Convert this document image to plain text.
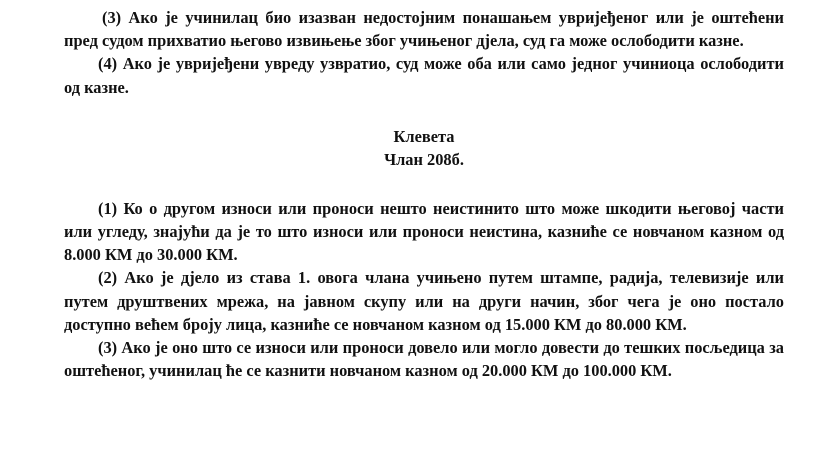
(3) Ако је учинилац био изазван недостојним понашањем увријеђеног или је оштећени пред судом прихватио његово извињење због учињеног дјела, суд га може ослободити казне.

(4) Ако је увријеђени увреду узвратио, суд може оба или само једног учиниоца ослободити од казне.

Клевета

Члан 208б.

(1) Ко о другом износи или проноси нешто неистинито што може шкодити његовој части или угледу, знајући да је то што износи или проноси неистина, казниће се новчаном казном од 8.000 КМ до 30.000 КМ.

(2) Ако је дјело из става 1. овога члана учињено путем штампе, радија, телевизије или путем друштвених мрежа, на јавном скупу или на други начин, због чега је оно постало доступно већем броју лица, казниће се новчаном казном од 15.000 КМ до 80.000 КМ.

(3) Ако је оно што се износи или проноси довело или могло довести до тешких посљедица за оштећеног, учинилац ће се казнити новчаном казном од 20.000 КМ до 100.000 КМ.
